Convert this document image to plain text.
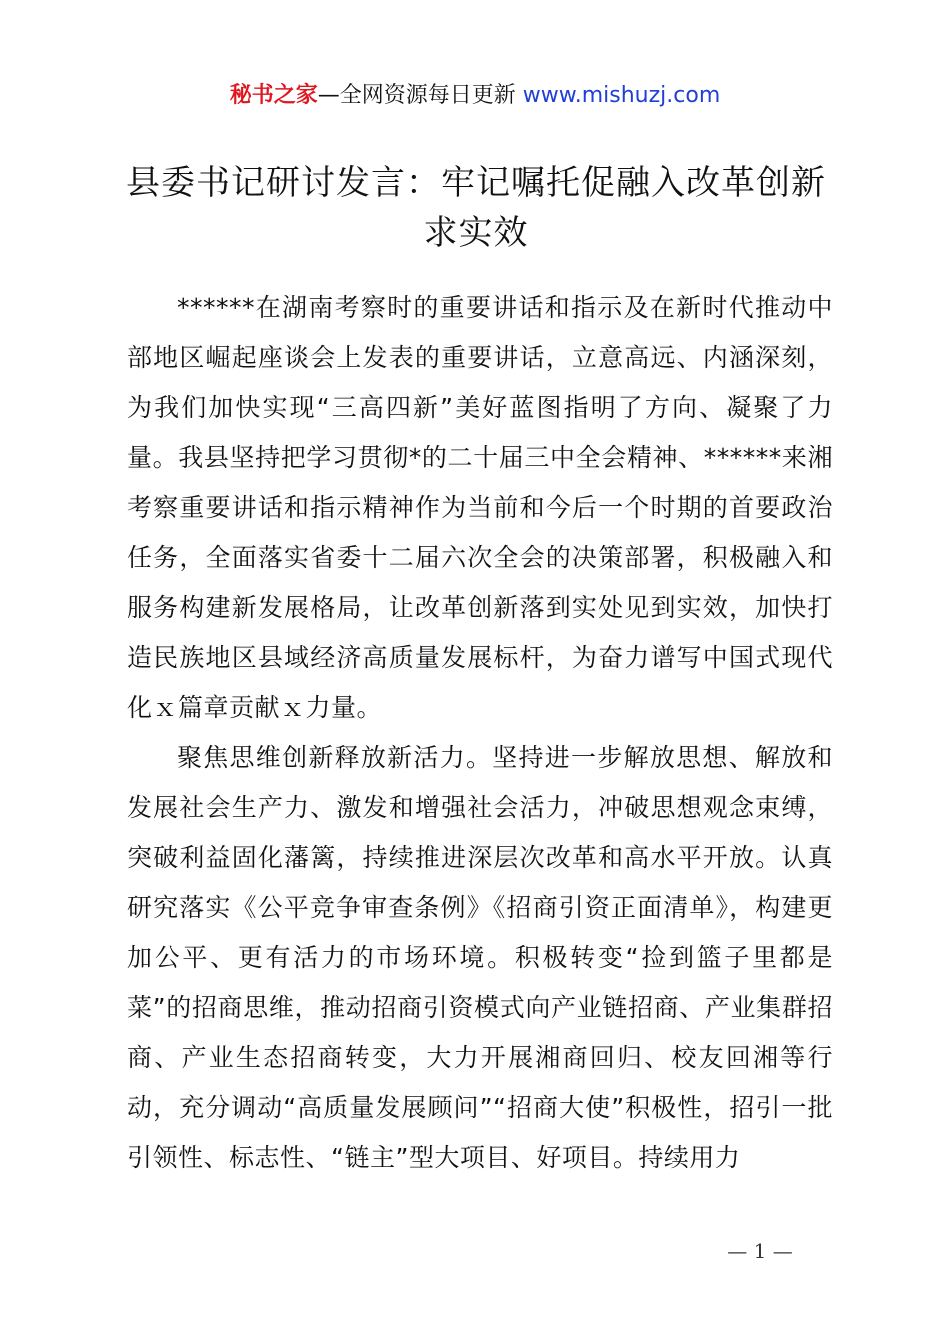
秘书之家—全网资源每日更新 www.mishuzj.com
县委书记研讨发言：牢记嘱托促融入改革创新求实效

******在湖南考察时的重要讲话和指示及在新时代推动中部地区崛起座谈会上发表的重要讲话，立意高远、内涵深刻，为我们加快实现“三高四新”美好蓝图指明了方向、凝聚了力量。我县坚持把学习贯彻*的二十届三中全会精神、******来湘考察重要讲话和指示精神作为当前和今后一个时期的首要政治任务，全面落实省委十二届六次全会的决策部署，积极融入和服务构建新发展格局，让改革创新落到实处见到实效，加快打造民族地区县域经济高质量发展标杆，为奋力谱写中国式现代化ｘ篇章贡献ｘ力量。

聚焦思维创新释放新活力。坚持进一步解放思想、解放和发展社会生产力、激发和增强社会活力，冲破思想观念束缚，突破利益固化藩篱，持续推进深层次改革和高水平开放。认真研究落实《公平竞争审查条例》《招商引资正面清单》，构建更加公平、更有活力的市场环境。积极转变“捡到篮子里都是菜”的招商思维，推动招商引资模式向产业链招商、产业集群招商、产业生态招商转变，大力开展湘商回归、校友回湘等行动，充分调动“高质量发展顾问”“招商大使”积极性，招引一批引领性、标志性、“链主”型大项目、好项目。持续用力

— 1 —
